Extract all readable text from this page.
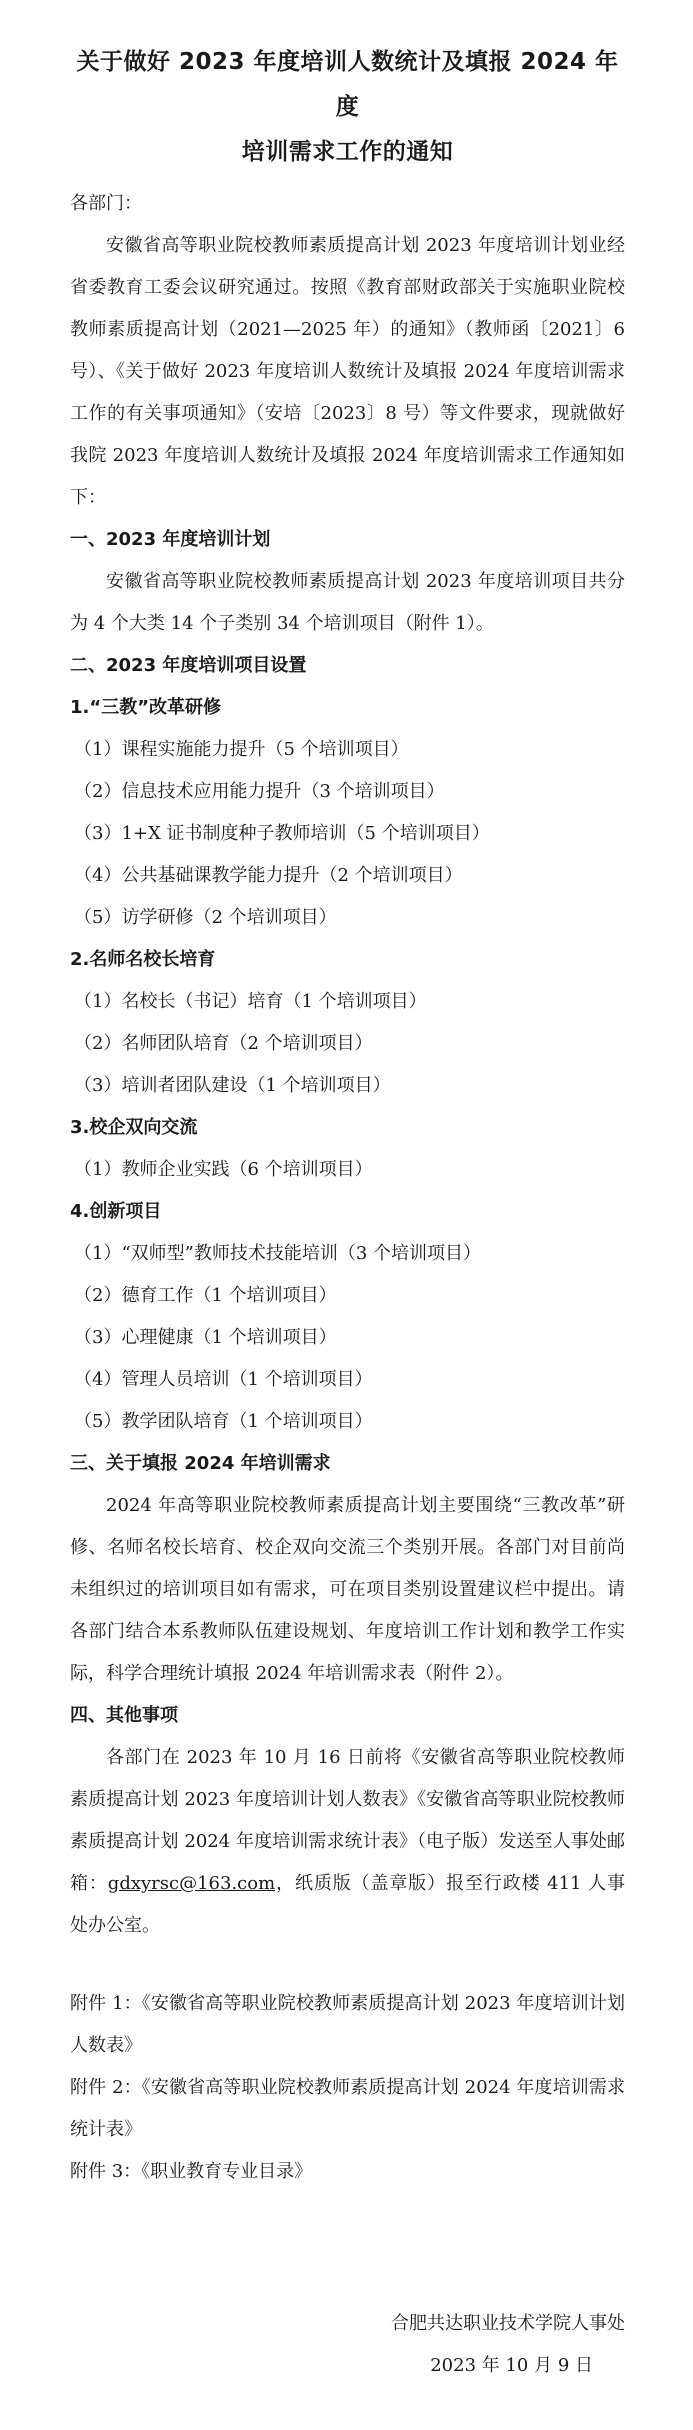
关于做好 2023 年度培训人数统计及填报 2024 年度
培训需求工作的通知

各部门：

安徽省高等职业院校教师素质提高计划 2023 年度培训计划业经省委教育工委会议研究通过。按照《教育部财政部关于实施职业院校教师素质提高计划（2021—2025 年）的通知》（教师函〔2021〕6 号）、《关于做好 2023 年度培训人数统计及填报 2024 年度培训需求工作的有关事项通知》（安培〔2023〕8 号）等文件要求，现就做好我院 2023 年度培训人数统计及填报 2024 年度培训需求工作通知如下：

一、2023 年度培训计划

安徽省高等职业院校教师素质提高计划 2023 年度培训项目共分为 4 个大类 14 个子类别 34 个培训项目（附件 1）。

二、2023 年度培训项目设置

1.“三教”改革研修

（1）课程实施能力提升（5 个培训项目）

（2）信息技术应用能力提升（3 个培训项目）

（3）1+X 证书制度种子教师培训（5 个培训项目）

（4）公共基础课教学能力提升（2 个培训项目）

（5）访学研修（2 个培训项目）

2.名师名校长培育

（1）名校长（书记）培育（1 个培训项目）

（2）名师团队培育（2 个培训项目）

（3）培训者团队建设（1 个培训项目）

3.校企双向交流

（1）教师企业实践（6 个培训项目）

4.创新项目

（1）“双师型”教师技术技能培训（3 个培训项目）

（2）德育工作（1 个培训项目）

（3）心理健康（1 个培训项目）

（4）管理人员培训（1 个培训项目）

（5）教学团队培育（1 个培训项目）

三、关于填报 2024 年培训需求

2024 年高等职业院校教师素质提高计划主要围绕“三教改革”研修、名师名校长培育、校企双向交流三个类别开展。各部门对目前尚未组织过的培训项目如有需求，可在项目类别设置建议栏中提出。请各部门结合本系教师队伍建设规划、年度培训工作计划和教学工作实际，科学合理统计填报 2024 年培训需求表（附件 2）。

四、其他事项

各部门在 2023 年 10 月 16 日前将《安徽省高等职业院校教师素质提高计划 2023 年度培训计划人数表》《安徽省高等职业院校教师素质提高计划 2024 年度培训需求统计表》（电子版）发送至人事处邮箱：gdxyrsc@163.com，纸质版（盖章版）报至行政楼 411 人事处办公室。

附件 1：《安徽省高等职业院校教师素质提高计划 2023 年度培训计划人数表》

附件 2：《安徽省高等职业院校教师素质提高计划 2024 年度培训需求统计表》

附件 3：《职业教育专业目录》

合肥共达职业技术学院人事处

2023 年 10 月 9 日
